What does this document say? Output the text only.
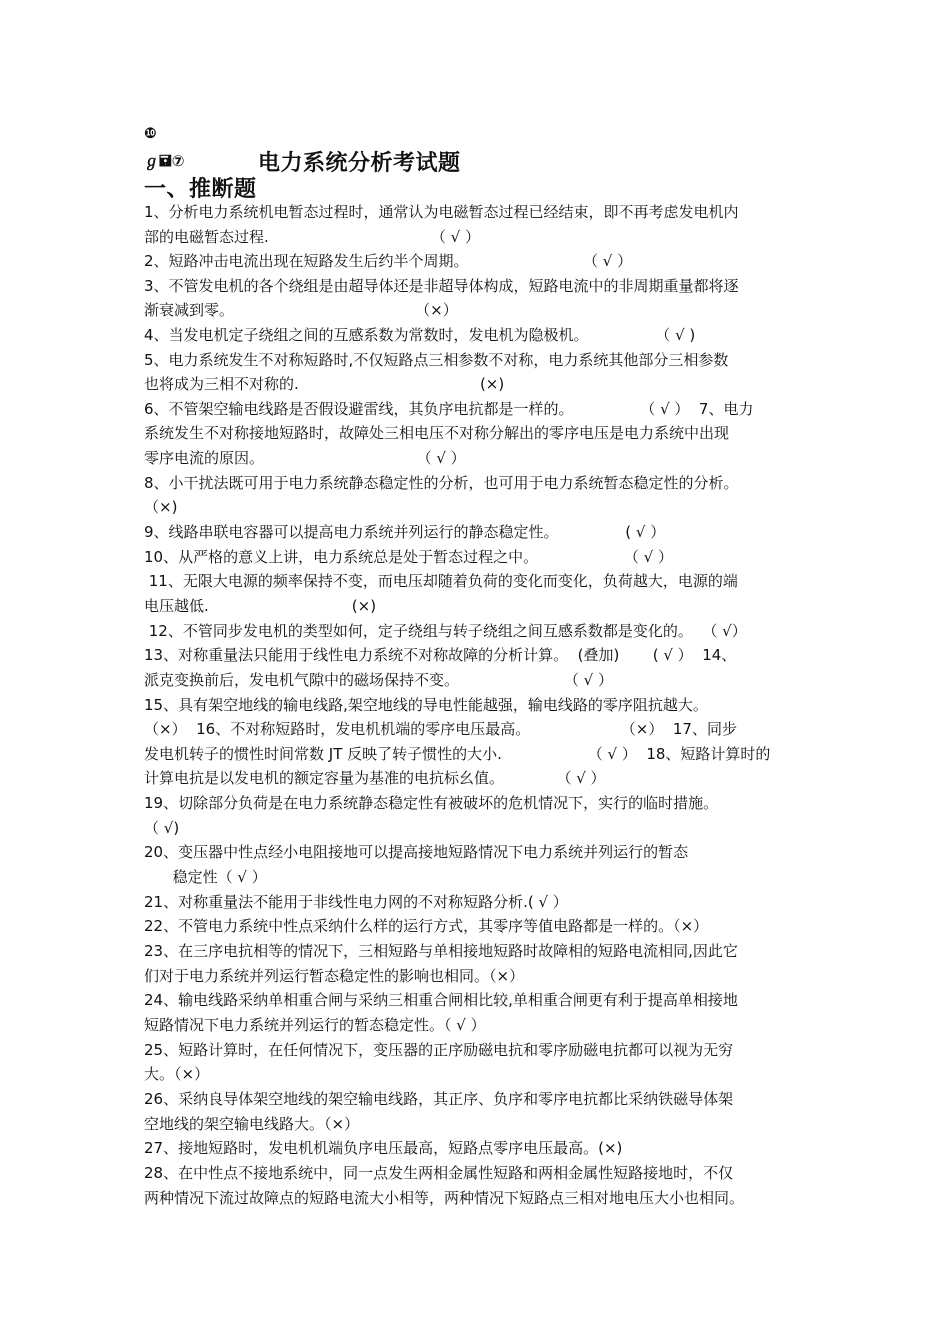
❿
ℊ🖬⑦	电力系统分析考试题
一、推断题
1、分析电力系统机电暂态过程时，通常认为电磁暂态过程已经结束，即不再考虑发电机内
部的电磁暂态过程.                                  （ √ ）
2、短路冲击电流出现在短路发生后约半个周期。                        （ √ ）
3、不管发电机的各个绕组是由超导体还是非超导体构成，短路电流中的非周期重量都将逐
渐衰减到零。                                      （×）
4、当发电机定子绕组之间的互感系数为常数时，发电机为隐极机。              （ √ )
5、电力系统发生不对称短路时,不仅短路点三相参数不对称，电力系统其他部分三相参数
也将成为三相不对称的.                                      (×)
6、不管架空输电线路是否假设避雷线，其负序电抗都是一样的。              （ √ ）  7、电力
系统发生不对称接地短路时，故障处三相电压不对称分解出的零序电压是电力系统中出现
零序电流的原因。                                （ √ ）
8、小干扰法既可用于电力系统静态稳定性的分析，也可用于电力系统暂态稳定性的分析。
（×)
9、线路串联电容器可以提高电力系统并列运行的静态稳定性。              ( √ ）
10、从严格的意义上讲，电力系统总是处于暂态过程之中。                  （ √ ）
11、无限大电源的频率保持不变，而电压却随着负荷的变化而变化，负荷越大，电源的端
电压越低.                              (×)
12、不管同步发电机的类型如何，定子绕组与转子绕组之间互感系数都是变化的。  （ √）
13、对称重量法只能用于线性电力系统不对称故障的分析计算。  (叠加)       ( √ ）  14、
派克变换前后，发电机气隙中的磁场保持不变。                      （ √ ）
15、具有架空地线的输电线路,架空地线的导电性能越强，输电线路的零序阻抗越大。
（×）  16、不对称短路时，发电机机端的零序电压最高。                   （×）  17、同步
发电机转子的惯性时间常数 JT 反映了转子惯性的大小.                  （ √ ）  18、短路计算时的
计算电抗是以发电机的额定容量为基准的电抗标幺值。           （ √ ）
19、切除部分负荷是在电力系统静态稳定性有被破坏的危机情况下，实行的临时措施。
（ √)
20、变压器中性点经小电阻接地可以提高接地短路情况下电力系统并列运行的暂态
稳定性（ √ ）
21、对称重量法不能用于非线性电力网的不对称短路分析.( √ ）
22、不管电力系统中性点采纳什么样的运行方式，其零序等值电路都是一样的。（×）
23、在三序电抗相等的情况下，三相短路与单相接地短路时故障相的短路电流相同,因此它
们对于电力系统并列运行暂态稳定性的影响也相同。（×）
24、输电线路采纳单相重合闸与采纳三相重合闸相比较,单相重合闸更有利于提高单相接地
短路情况下电力系统并列运行的暂态稳定性。（ √ ）
25、短路计算时，在任何情况下，变压器的正序励磁电抗和零序励磁电抗都可以视为无穷
大。（×）
26、采纳良导体架空地线的架空输电线路，其正序、负序和零序电抗都比采纳铁磁导体架
空地线的架空输电线路大。（×）
27、接地短路时，发电机机端负序电压最高，短路点零序电压最高。(×)
28、在中性点不接地系统中，同一点发生两相金属性短路和两相金属性短路接地时，不仅
两种情况下流过故障点的短路电流大小相等，两种情况下短路点三相对地电压大小也相同。
